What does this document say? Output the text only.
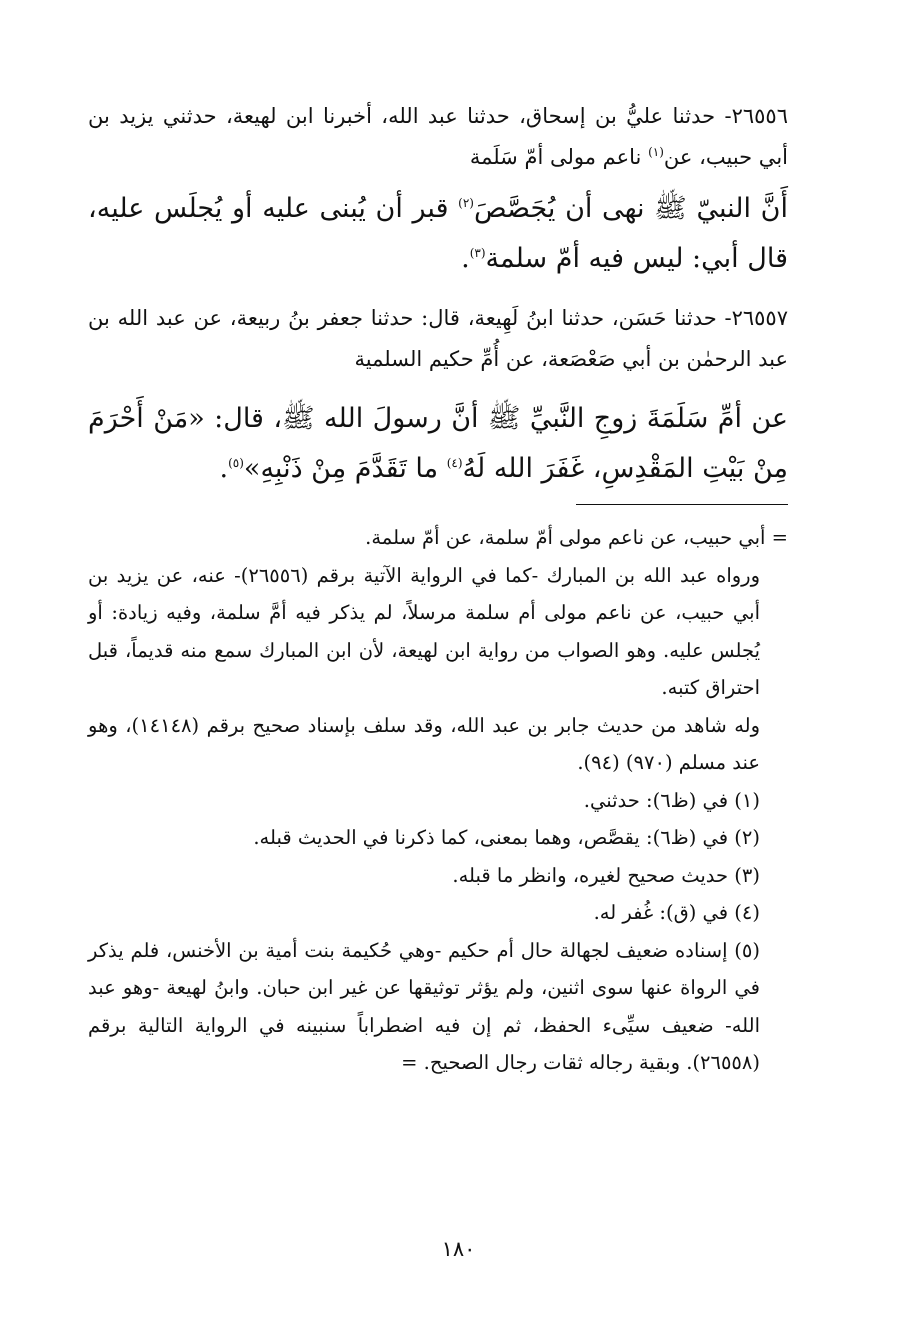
٢٦٥٥٦- حدثنا عليُّ بن إسحاق، حدثنا عبد الله، أخبرنا ابن لهيعة، حدثني يزيد بن أبي حبيب، عن$^{(١)}$ ناعم مولى أمّ سَلَمة

أَنَّ النبيّ ﷺ نهى أن يُجَصَّصَ$^{(٢)}$ قبر أن يُبنى عليه أو يُجلَس عليه، قال أبي: ليس فيه أمّ سلمة$^{(٣)}$.

٢٦٥٥٧- حدثنا حَسَن، حدثنا ابنُ لَهِيعة، قال: حدثنا جعفر بنُ ربيعة، عن عبد الله بن عبد الرحمٰن بن أبي صَعْصَعة، عن أُمِّ حكيم السلمية

عن أمِّ سَلَمَةَ زوجِ النَّبيِّ ﷺ أنَّ رسولَ الله ﷺ، قال: «مَنْ أَحْرَمَ مِنْ بَيْتِ المَقْدِسِ، غَفَرَ الله لَهُ$^{(٤)}$ ما تَقَدَّمَ مِنْ ذَنْبِهِ»$^{(٥)}$.

= أبي حبيب، عن ناعم مولى أمّ سلمة، عن أمّ سلمة.

ورواه عبد الله بن المبارك -كما في الرواية الآتية برقم (٢٦٥٥٦)- عنه، عن يزيد بن أبي حبيب، عن ناعم مولى أم سلمة مرسلاً، لم يذكر فيه أمَّ سلمة، وفيه زيادة: أو يُجلس عليه. وهو الصواب من رواية ابن لهيعة، لأن ابن المبارك سمع منه قديماً، قبل احتراق كتبه.

وله شاهد من حديث جابر بن عبد الله، وقد سلف بإسناد صحيح برقم (١٤١٤٨)، وهو عند مسلم (٩٧٠) (٩٤).

(١) في (ظ٦): حدثني.

(٢) في (ظ٦): يقصَّص، وهما بمعنى، كما ذكرنا في الحديث قبله.

(٣) حديث صحيح لغيره، وانظر ما قبله.

(٤) في (ق): غُفر له.

(٥) إسناده ضعيف لجهالة حال أم حكيم -وهي حُكيمة بنت أمية بن الأخنس، فلم يذكر في الرواة عنها سوى اثنين، ولم يؤثر توثيقها عن غير ابن حبان. وابنُ لهيعة -وهو عبد الله- ضعيف سيِّىء الحفظ، ثم إن فيه اضطراباً سنبينه في الرواية التالية برقم (٢٦٥٥٨). وبقية رجاله ثقات رجال الصحيح. =

١٨٠
